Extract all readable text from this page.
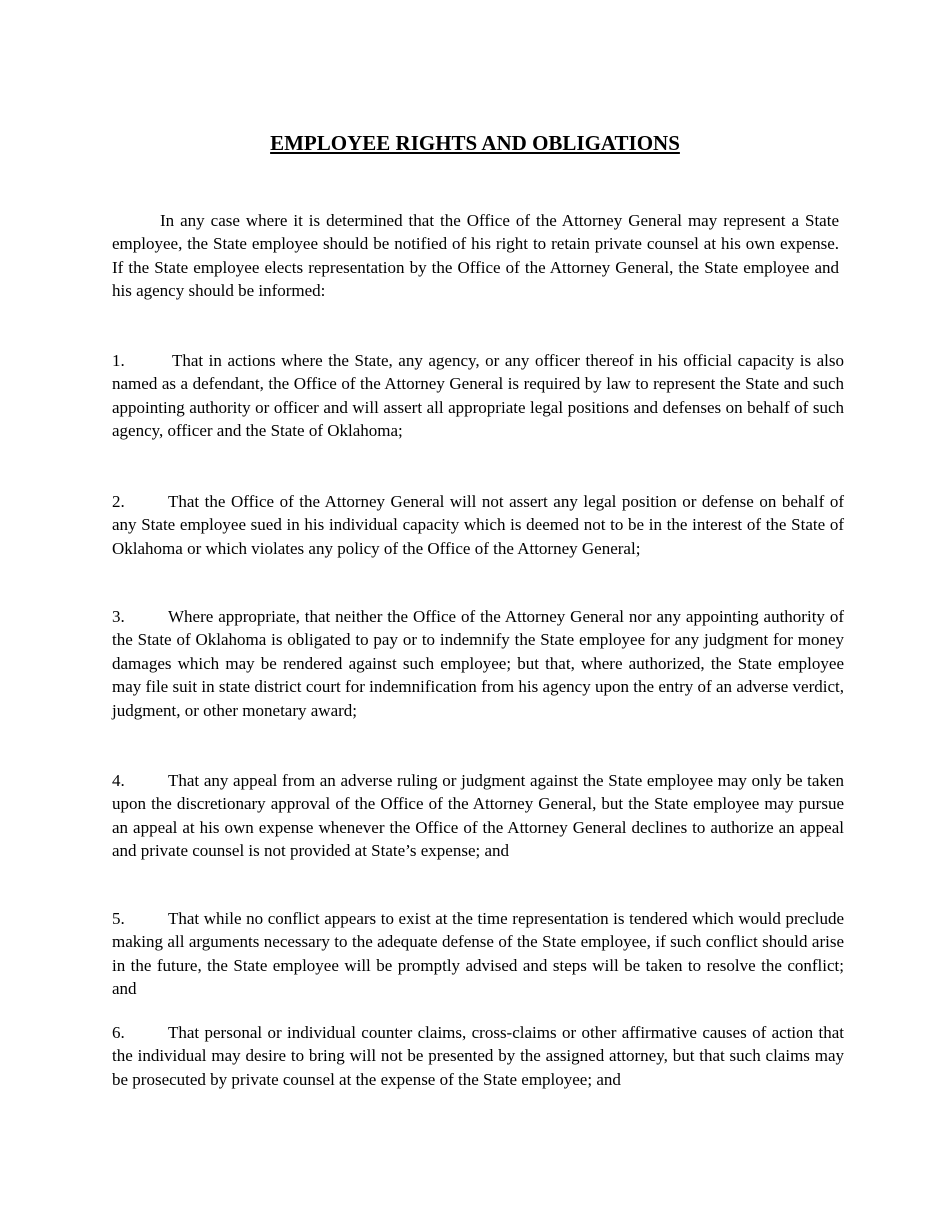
EMPLOYEE RIGHTS AND OBLIGATIONS

In any case where it is determined that the Office of the Attorney General may represent a State employee, the State employee should be notified of his right to retain private counsel at his own expense. If the State employee elects representation by the Office of the Attorney General, the State employee and his agency should be informed:

1.	That in actions where the State, any agency, or any officer thereof in his official capacity is also named as a defendant, the Office of the Attorney General is required by law to represent the State and such appointing authority or officer and will assert all appropriate legal positions and defenses on behalf of such agency, officer and the State of Oklahoma;

2.	That the Office of the Attorney General will not assert any legal position or defense on behalf of any State employee sued in his individual capacity which is deemed not to be in the interest of the State of Oklahoma or which violates any policy of the Office of the Attorney General;

3.	Where appropriate, that neither the Office of the Attorney General nor any appointing authority of the State of Oklahoma is obligated to pay or to indemnify the State employee for any judgment for money damages which may be rendered against such employee; but that, where authorized, the State employee may file suit in state district court for indemnification from his agency upon the entry of an adverse verdict, judgment, or other monetary award;

4.	That any appeal from an adverse ruling or judgment against the State employee may only be taken upon the discretionary approval of the Office of the Attorney General, but the State employee may pursue an appeal at his own expense whenever the Office of the Attorney General declines to authorize an appeal and private counsel is not provided at State’s expense; and

5.	That while no conflict appears to exist at the time representation is tendered which would preclude making all arguments necessary to the adequate defense of the State employee, if such conflict should arise in the future, the State employee will be promptly advised and steps will be taken to resolve the conflict; and

6.	That personal or individual counter claims, cross-claims or other affirmative causes of action that the individual may desire to bring will not be presented by the assigned attorney, but that such claims may be prosecuted by private counsel at the expense of the State employee; and
